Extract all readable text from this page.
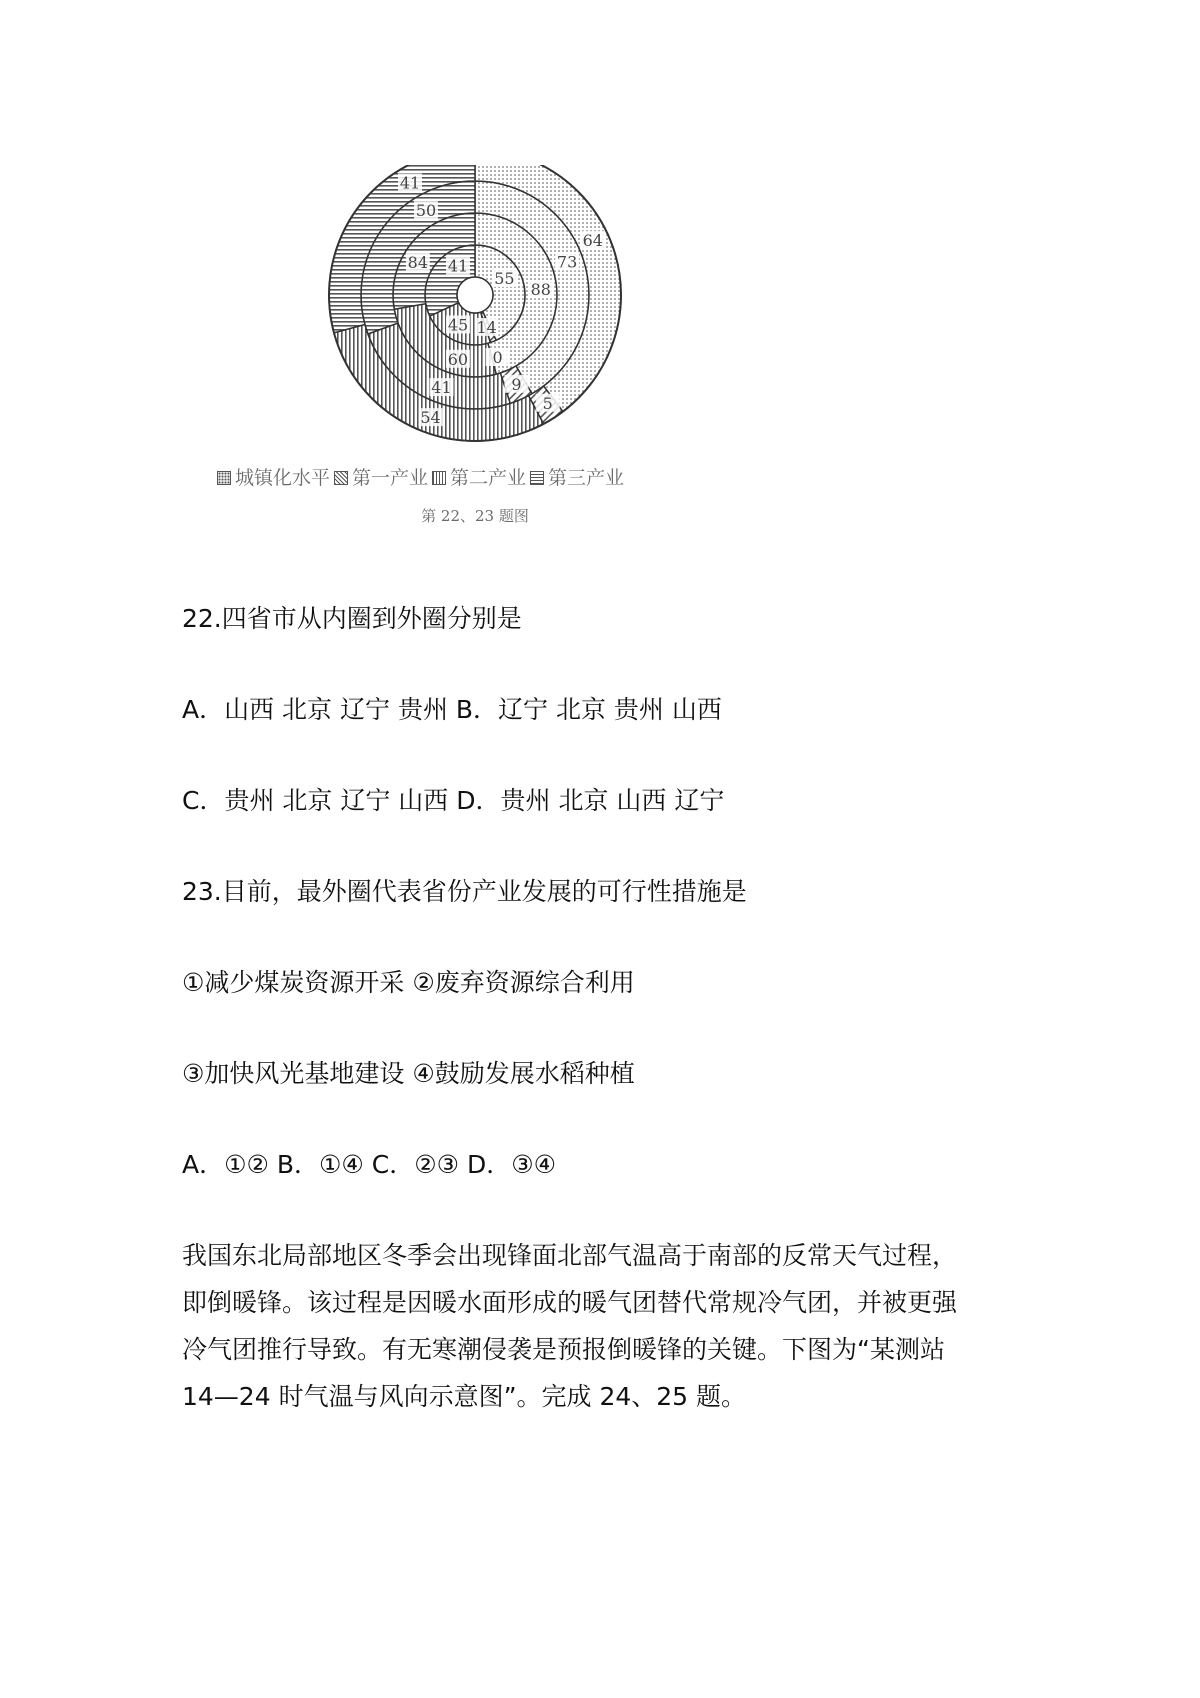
55
14
45
41
88
0
60
84	73
9
41
50
64
5
54
41
城镇化水平 第一产业 第二产业 第三产业
第 22、23 题图
22.四省市从内圈到外圈分别是
A．山西 北京 辽宁 贵州 B．辽宁 北京 贵州 山西
C．贵州 北京 辽宁 山西 D．贵州 北京 山西 辽宁
23.目前，最外圈代表省份产业发展的可行性措施是
①减少煤炭资源开采 ②废弃资源综合利用
③加快风光基地建设 ④鼓励发展水稻种植
A．①② B．①④ C．②③ D．③④
我国东北局部地区冬季会出现锋面北部气温高于南部的反常天气过程，
即倒暖锋。该过程是因暖水面形成的暖气团替代常规冷气团，并被更强
冷气团推行导致。有无寒潮侵袭是预报倒暖锋的关键。下图为“某测站
14—24 时气温与风向示意图”。完成 24、25 题。
